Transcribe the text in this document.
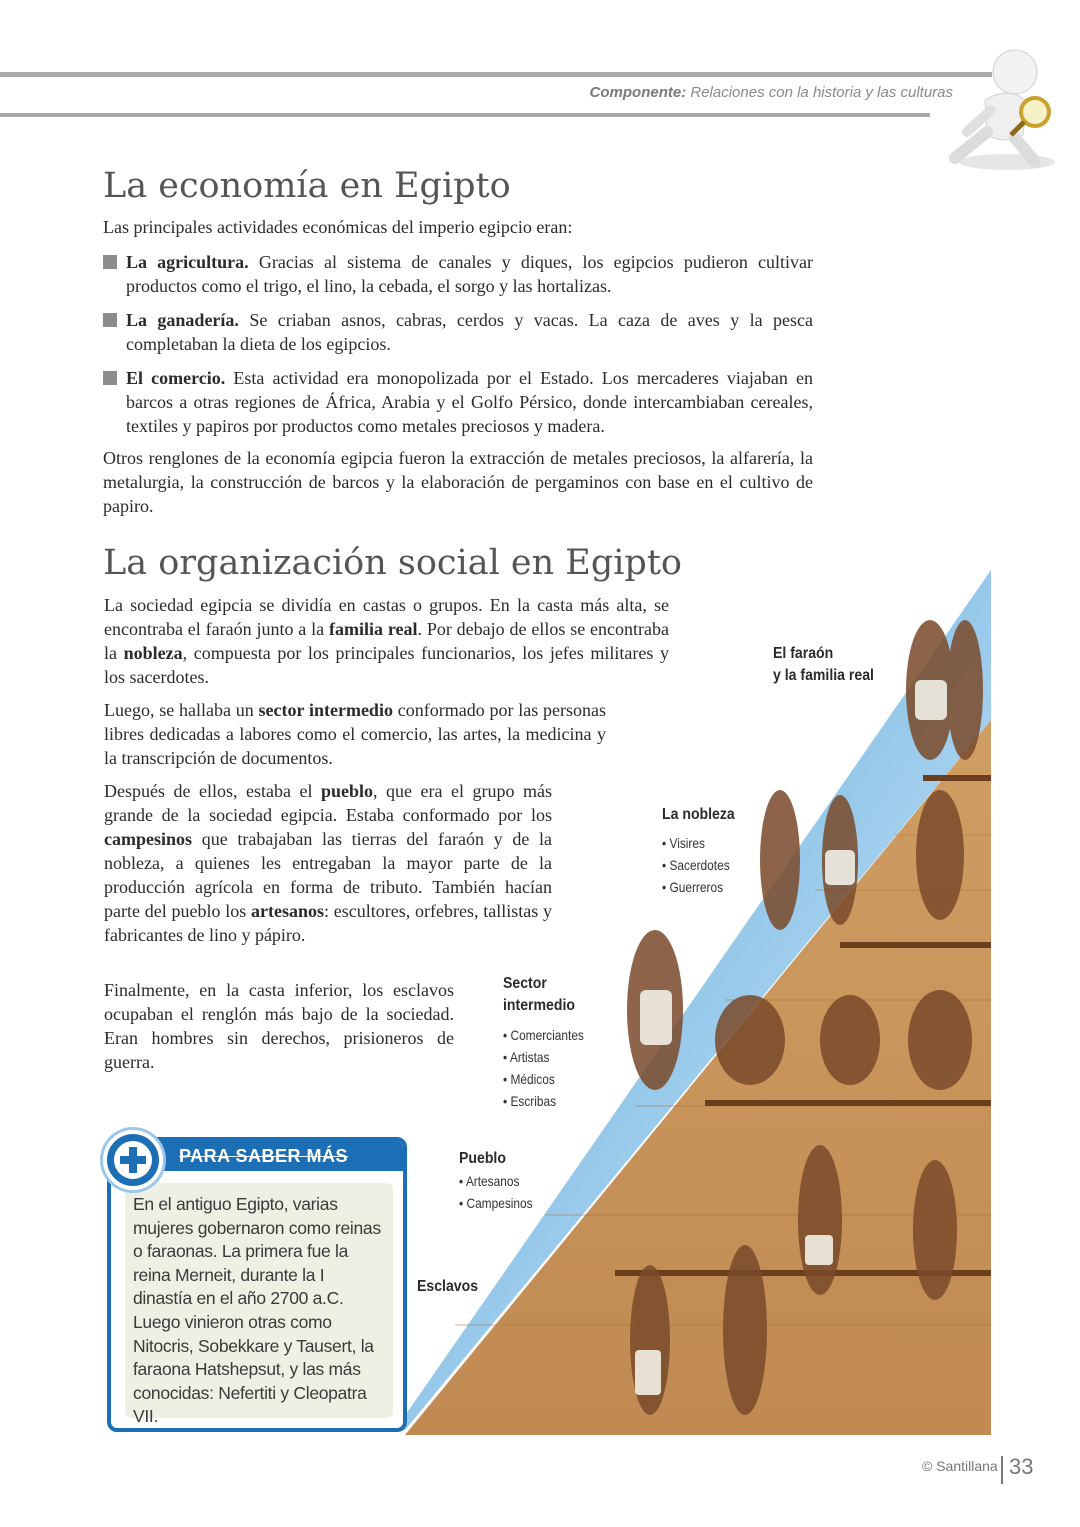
Componente: Relaciones con la historia y las culturas
La economía en Egipto

Las principales actividades económicas del imperio egipcio eran:

La agricultura. Gracias al sistema de canales y diques, los egipcios pudieron cultivar productos como el trigo, el lino, la cebada, el sorgo y las hortalizas.
La ganadería. Se criaban asnos, cabras, cerdos y vacas. La caza de aves y la pesca completaban la dieta de los egipcios.
El comercio. Esta actividad era monopolizada por el Estado. Los mercaderes viajaban en barcos a otras regiones de África, Arabia y el Golfo Pérsico, donde intercambiaban cereales, textiles y papiros por productos como metales preciosos y madera.

Otros renglones de la economía egipcia fueron la extracción de metales preciosos, la alfarería, la metalurgia, la construcción de barcos y la elaboración de pergaminos con base en el cultivo de papiro.

La organización social en Egipto

La sociedad egipcia se dividía en castas o grupos. En la casta más alta, se encontraba el faraón junto a la familia real. Por debajo de ellos se encontraba la nobleza, compuesta por los principales funcionarios, los jefes militares y los sacerdotes.

Luego, se hallaba un sector intermedio conformado por las personas libres dedicadas a labores como el comercio, las artes, la medicina y la transcripción de documentos.

Después de ellos, estaba el pueblo, que era el grupo más grande de la sociedad egipcia. Estaba conformado por los campesinos que trabajaban las tierras del faraón y de la nobleza, a quienes les entregaban la mayor parte de la producción agrícola en forma de tributo. También hacían parte del pueblo los artesanos: escultores, orfebres, tallistas y fabricantes de lino y pápiro.

Finalmente, en la casta inferior, los esclavos ocupaban el renglón más bajo de la sociedad. Eran hombres sin derechos, prisioneros de guerra.

El faraón
y la familia real
La nobleza
• Visires
• Sacerdotes
• Guerreros
Sector
intermedio
• Comerciantes
• Artistas
• Médicos
• Escribas
Pueblo
• Artesanos
• Campesinos
Esclavos
PARA SABER MÁS

En el antiguo Egipto, varias mujeres gobernaron como reinas o faraonas. La primera fue la reina Merneit, durante la I dinastía en el año 2700 a.C. Luego vinieron otras como Nitocris, Sobekkare y Tausert, la faraona Hatshepsut, y las más conocidas: Nefertiti y Cleopatra VII.

© Santillana 33
